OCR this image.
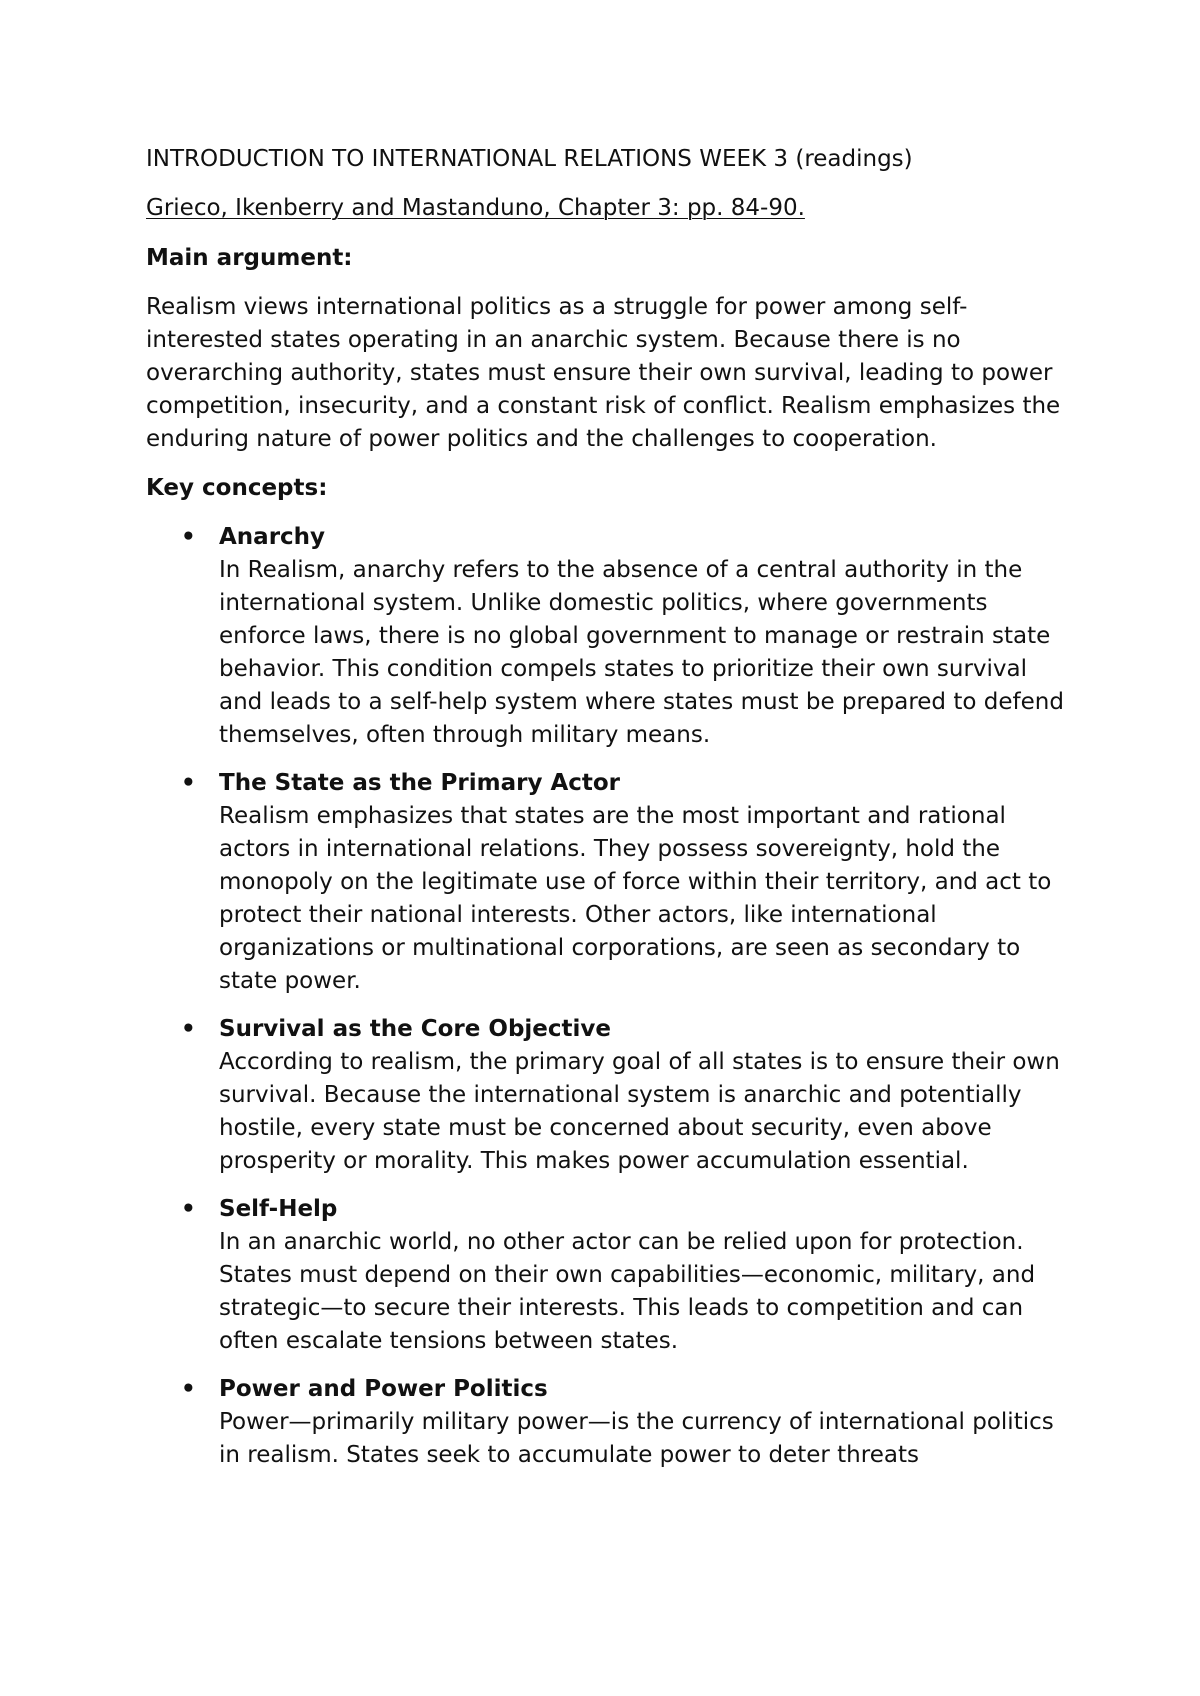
INTRODUCTION TO INTERNATIONAL RELATIONS WEEK 3 (readings)

Grieco, Ikenberry and Mastanduno, Chapter 3: pp. 84-90.

Main argument:

Realism views international politics as a struggle for power among self-interested states operating in an anarchic system. Because there is no overarching authority, states must ensure their own survival, leading to power competition, insecurity, and a constant risk of conflict. Realism emphasizes the enduring nature of power politics and the challenges to cooperation.

Key concepts:

• Anarchy
In Realism, anarchy refers to the absence of a central authority in the international system. Unlike domestic politics, where governments enforce laws, there is no global government to manage or restrain state behavior. This condition compels states to prioritize their own survival and leads to a self-help system where states must be prepared to defend themselves, often through military means.
• The State as the Primary Actor
Realism emphasizes that states are the most important and rational actors in international relations. They possess sovereignty, hold the monopoly on the legitimate use of force within their territory, and act to protect their national interests. Other actors, like international organizations or multinational corporations, are seen as secondary to state power.
• Survival as the Core Objective
According to realism, the primary goal of all states is to ensure their own survival. Because the international system is anarchic and potentially hostile, every state must be concerned about security, even above prosperity or morality. This makes power accumulation essential.
• Self-Help
In an anarchic world, no other actor can be relied upon for protection. States must depend on their own capabilities—economic, military, and strategic—to secure their interests. This leads to competition and can often escalate tensions between states.
• Power and Power Politics
Power—primarily military power—is the currency of international politics in realism. States seek to accumulate power to deter threats
